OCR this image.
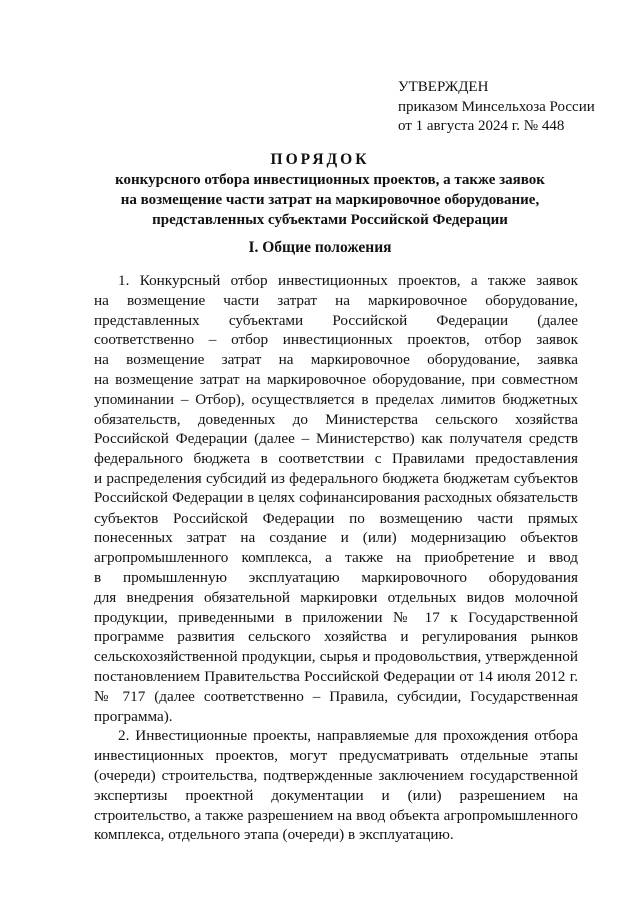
УТВЕРЖДЕН
приказом Минсельхоза России
от 1 августа 2024 г. № 448
ПОРЯДОК
конкурсного отбора инвестиционных проектов, а также заявок
на возмещение части затрат на маркировочное оборудование,
представленных субъектами Российской Федерации
I. Общие положения
1. Конкурсный отбор инвестиционных проектов, а также заявок
на возмещение части затрат на маркировочное оборудование,
представленных субъектами Российской Федерации (далее
соответственно – отбор инвестиционных проектов, отбор заявок
на возмещение затрат на маркировочное оборудование, заявка
на возмещение затрат на маркировочное оборудование, при совместном
упоминании – Отбор), осуществляется в пределах лимитов бюджетных
обязательств, доведенных до Министерства сельского хозяйства
Российской Федерации (далее – Министерство) как получателя средств
федерального бюджета в соответствии с Правилами предоставления
и распределения субсидий из федерального бюджета бюджетам субъектов
Российской Федерации в целях софинансирования расходных обязательств
субъектов Российской Федерации по возмещению части прямых
понесенных затрат на создание и (или) модернизацию объектов
агропромышленного комплекса, а также на приобретение и ввод
в промышленную эксплуатацию маркировочного оборудования
для внедрения обязательной маркировки отдельных видов молочной
продукции, приведенными в приложении № 17 к Государственной
программе развития сельского хозяйства и регулирования рынков
сельскохозяйственной продукции, сырья и продовольствия, утвержденной
постановлением Правительства Российской Федерации от 14 июля 2012 г.
№ 717 (далее соответственно – Правила, субсидии, Государственная
программа).
2. Инвестиционные проекты, направляемые для прохождения отбора
инвестиционных проектов, могут предусматривать отдельные этапы
(очереди) строительства, подтвержденные заключением государственной
экспертизы проектной документации и (или) разрешением на
строительство, а также разрешением на ввод объекта агропромышленного
комплекса, отдельного этапа (очереди) в эксплуатацию.
